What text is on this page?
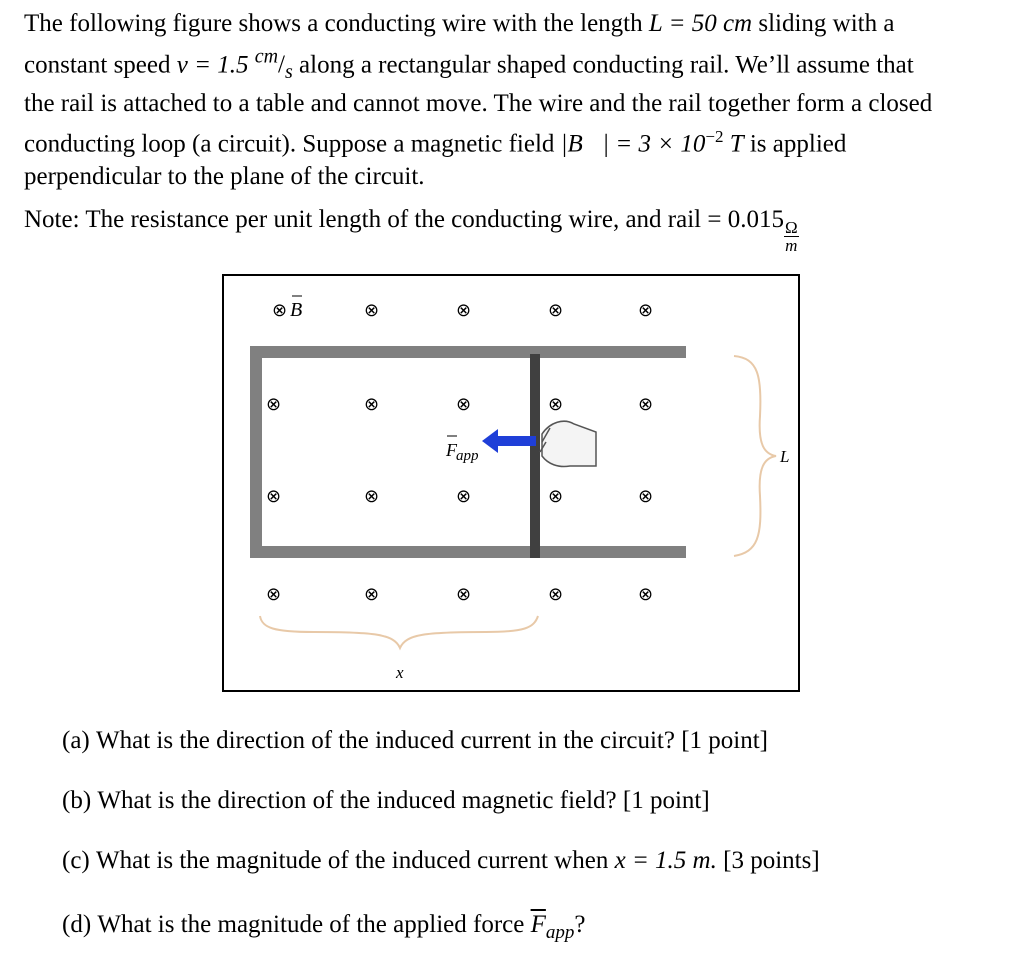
The following figure shows a conducting wire with the length L = 50 cm sliding with a
constant speed v = 1.5 $^{cm}/_s$ along a rectangular shaped conducting rail. We’ll assume that
the rail is attached to a table and cannot move. The wire and the rail together form a closed
conducting loop (a circuit). Suppose a magnetic field |B⃗| = $3 \times 10^{-2}$ T is applied
perpendicular to the plane of the circuit.
Note: The resistance per unit length of the conducting wire, and rail = $0.015 \frac{\Omega}{m}$
F app
⊗	⊗	⊗	⊗	⊗
⊗	⊗	⊗	⊗	⊗
⊗	⊗	⊗	⊗	⊗
⊗	⊗	⊗	⊗	⊗
B
L
x
(a) What is the direction of the induced current in the circuit? [1 point]
(b) What is the direction of the induced magnetic field? [1 point]
(c) What is the magnitude of the induced current when x = 1.5 m. [3 points]
(d) What is the magnitude of the applied force $\overline{F}_{app}$?
